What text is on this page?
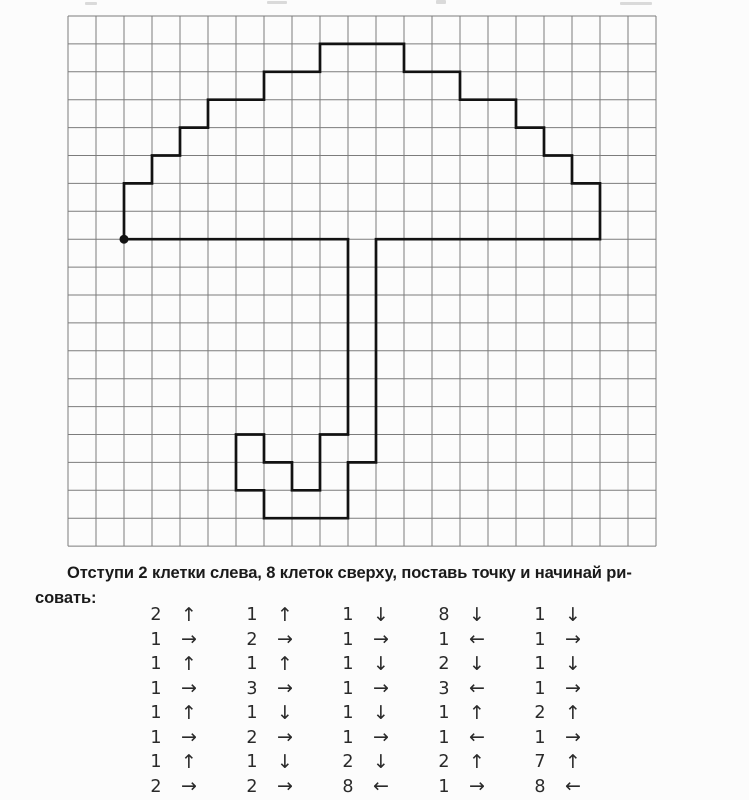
Отступи 2 клетки слева, 8 клеток сверху, поставь точку и начинай ри-
совать:
2 ↑	1 ↑	1 ↓	8 ↓	1 ↓
1 →	2 →	1 →	1 ←	1 →
1 ↑	1 ↑	1 ↓	2 ↓	1 ↓
1 →	3 →	1 →	3 ←	1 →
1 ↑	1 ↓	1 ↓	1 ↑	2 ↑
1 →	2 →	1 →	1 ←	1 →
1 ↑	1 ↓	2 ↓	2 ↑	7 ↑
2 →	2 →	8 ←	1 →	8 ←
